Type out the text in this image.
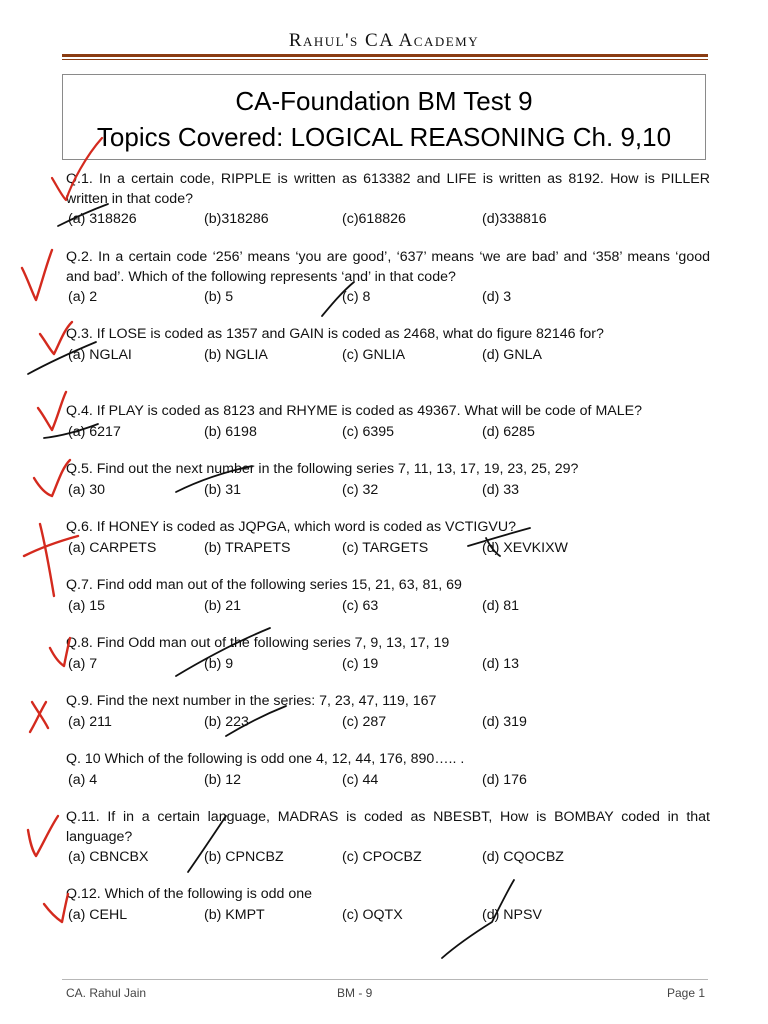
Rahul's CA Academy
CA-Foundation BM Test 9
Topics Covered: LOGICAL REASONING Ch. 9,10

Q.1. In a certain code, RIPPLE is written as 613382 and LIFE is written as 8192. How is PILLER written in that code?

(a) 318826	(b)318286	(c)618826	(d)338816

Q.2. In a certain code ‘256’ means ‘you are good’, ‘637’ means ‘we are bad’ and ‘358’ means ‘good and bad’. Which of the following represents ‘and’ in that code?

(a) 2	(b) 5	(c) 8	(d) 3

Q.3. If LOSE is coded as 1357 and GAIN is coded as 2468, what do figure 82146 for?

(a) NGLAI	(b) NGLIA	(c) GNLIA	(d) GNLA

Q.4. If PLAY is coded as 8123 and RHYME is coded as 49367. What will be code of MALE?

(a) 6217	(b) 6198	(c) 6395	(d) 6285

Q.5. Find out the next number in the following series 7, 11, 13, 17, 19, 23, 25, 29?

(a) 30	(b) 31	(c) 32	(d) 33

Q.6. If HONEY is coded as JQPGA, which word is coded as VCTIGVU?

(a) CARPETS	(b) TRAPETS	(c) TARGETS	(d) XEVKIXW

Q.7. Find odd man out of the following series 15, 21, 63, 81, 69

(a) 15	(b) 21	(c) 63	(d) 81

Q.8. Find Odd man out of the following series 7, 9, 13, 17, 19

(a) 7	(b) 9	(c) 19	(d) 13

Q.9. Find the next number in the series: 7, 23, 47, 119, 167

(a) 211	(b) 223	(c) 287	(d) 319

Q. 10 Which of the following is odd one 4, 12, 44, 176, 890….. .

(a) 4	(b) 12	(c) 44	(d) 176

Q.11. If in a certain language, MADRAS is coded as NBESBT, How is BOMBAY coded in that language?

(a) CBNCBX	(b) CPNCBZ	(c) CPOCBZ	(d) CQOCBZ

Q.12. Which of the following is odd one

(a) CEHL	(b) KMPT	(c) OQTX	(d) NPSV
CA. Rahul Jain	BM - 9	Page 1
